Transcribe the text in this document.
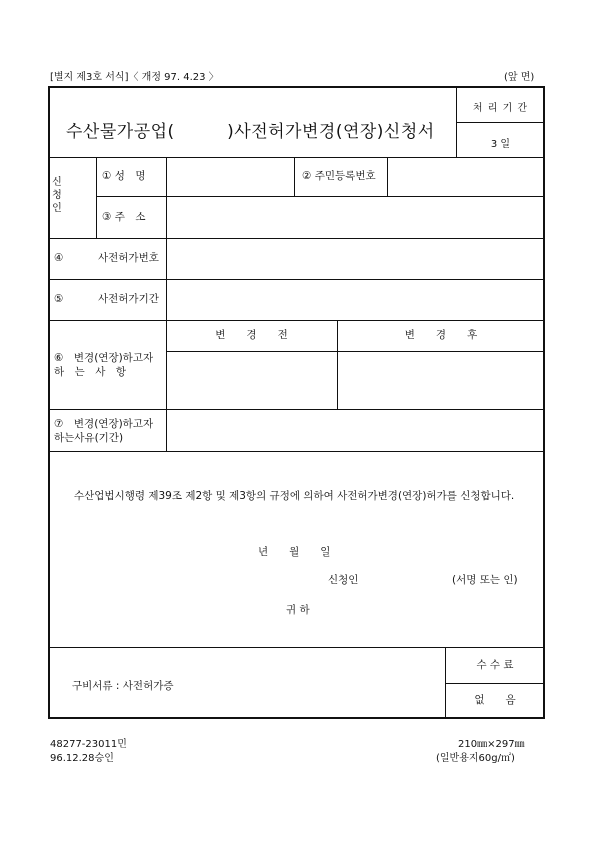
[별지 제3호 서식]〈 개정 97. 4.23 〉	(앞 면)
수산물가공업(　　　)사전허가변경(연장)신청서
처 리 기 간
3 일
신
청
인
① 성　명	② 주민등록번호
③ 주　소
④	사전허가번호
⑤	사전허가기간
⑥　변경(연장)하고자
하　는　사　항
변　　경　　전	변　　경　　후
⑦　변경(연장)하고자
하는사유(기간)
수산업법시행령 제39조 제2항 및 제3항의 규정에 의하여 사전허가변경(연장)허가를 신청합니다.
년　　월　　일
신청인	(서명 또는 인)
귀 하
구비서류 : 사전허가증
수 수 료
없　　음
48277-23011민
96.12.28승인
210㎜×297㎜
(일반용지60g/㎡)
